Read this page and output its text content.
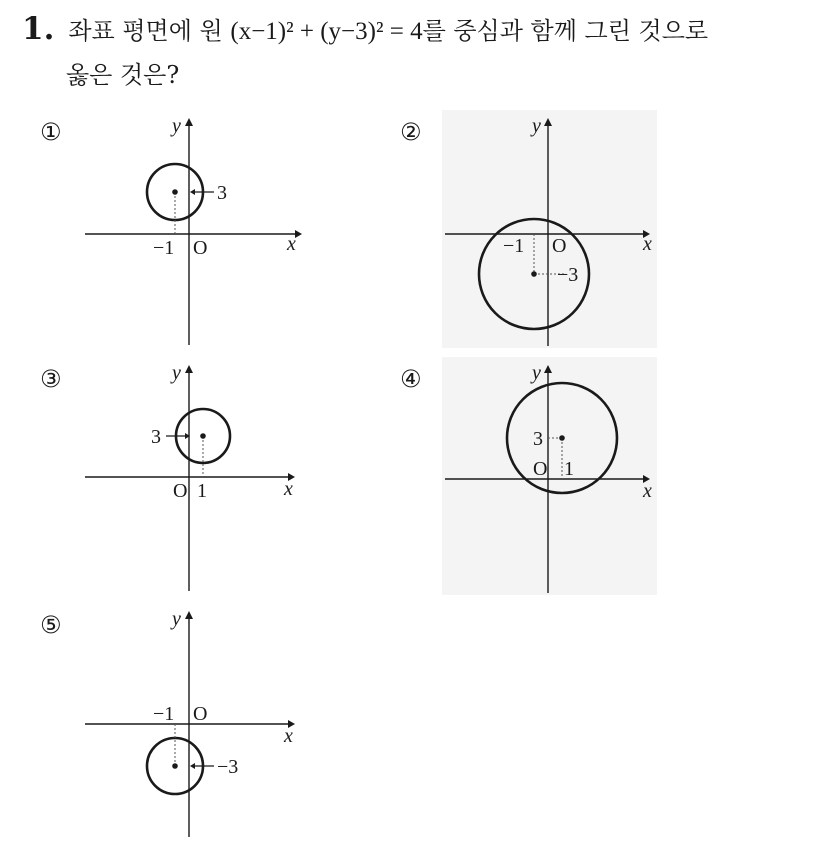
1. 좌표 평면에 원 (x−1)² + (y−3)² = 4를 중심과 함께 그린 것으로
옳은 것은?
①
x
y
3
−1 O
②
x
y
−1 O
−3
③
x
y
3
O 1
④
x
y
3
O 1
⑤
x
y
−1 O
−3
